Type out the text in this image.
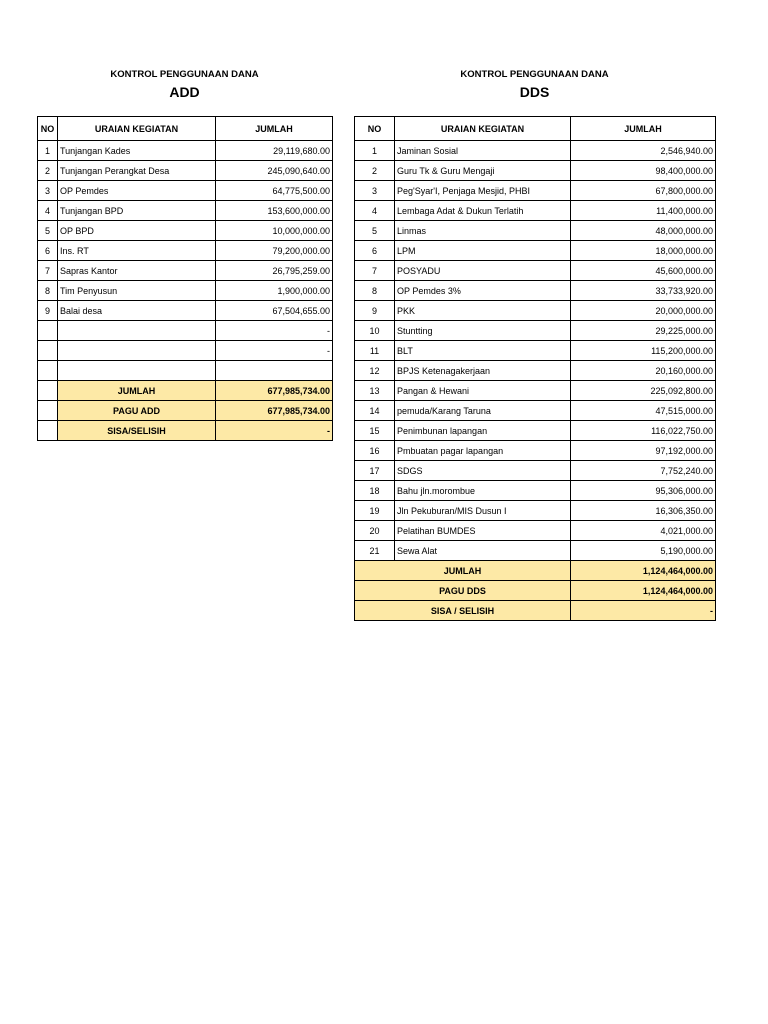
KONTROL PENGGUNAAN DANA
ADD
NO	URAIAN KEGIATAN	JUMLAH
1	Tunjangan Kades	29,119,680.00
2	Tunjangan Perangkat Desa	245,090,640.00
3	OP Pemdes	64,775,500.00
4	Tunjangan BPD	153,600,000.00
5	OP BPD	10,000,000.00
6	Ins. RT	79,200,000.00
7	Sapras Kantor	26,795,259.00
8	Tim Penyusun	1,900,000.00
9	Balai desa	67,504,655.00
		-
		-

	JUMLAH	677,985,734.00
	PAGU ADD	677,985,734.00
	SISA/SELISIH	-
KONTROL PENGGUNAAN DANA
DDS
NO	URAIAN KEGIATAN	JUMLAH
1	Jaminan Sosial	2,546,940.00
2	Guru Tk & Guru Mengaji	98,400,000.00
3	Peg'Syar'I, Penjaga Mesjid, PHBI	67,800,000.00
4	Lembaga Adat & Dukun Terlatih	11,400,000.00
5	Linmas	48,000,000.00
6	LPM	18,000,000.00
7	POSYADU	45,600,000.00
8	OP Pemdes 3%	33,733,920.00
9	PKK	20,000,000.00
10	Stuntting	29,225,000.00
11	BLT	115,200,000.00
12	BPJS Ketenagakerjaan	20,160,000.00
13	Pangan & Hewani	225,092,800.00
14	pemuda/Karang Taruna	47,515,000.00
15	Penimbunan lapangan	116,022,750.00
16	Pmbuatan pagar lapangan	97,192,000.00
17	SDGS	7,752,240.00
18	Bahu jln.morombue	95,306,000.00
19	Jln Pekuburan/MIS Dusun I	16,306,350.00
20	Pelatihan BUMDES	4,021,000.00
21	Sewa Alat	5,190,000.00
JUMLAH		1,124,464,000.00
PAGU DDS		1,124,464,000.00
SISA / SELISIH		-
